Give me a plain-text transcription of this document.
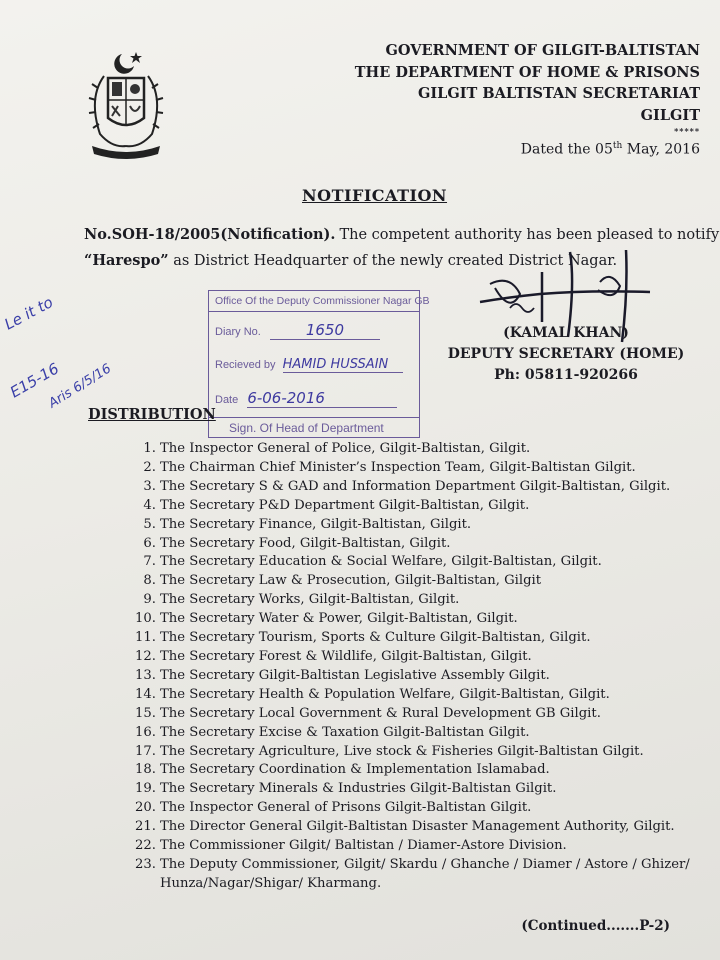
GOVERNMENT OF GILGIT-BALTISTAN
THE DEPARTMENT OF HOME & PRISONS
GILGIT BALTISTAN SECRETARIAT
GILGIT
*****
Dated the 05th May, 2016
NOTIFICATION
No.SOH-18/2005(Notification). The competent authority has been pleased to notify
“Harespo” as District Headquarter of the newly created District Nagar.
(KAMAL KHAN)
DEPUTY SECRETARY (HOME)
Ph: 05811-920266
Office Of the Deputy Commissioner Nagar GB
Diary No.	1650
Recieved by HAMID HUSSAIN
Date 6-06-2016
Sign. Of Head of Department
Le it to
E15-16
Aris 6/5/16
DISTRIBUTION
1. The Inspector General of Police, Gilgit-Baltistan, Gilgit.
2. The Chairman Chief Minister’s Inspection Team, Gilgit-Baltistan Gilgit.
3. The Secretary S & GAD and Information Department Gilgit-Baltistan, Gilgit.
4. The Secretary P&D Department Gilgit-Baltistan, Gilgit.
5. The Secretary Finance, Gilgit-Baltistan, Gilgit.
6. The Secretary Food, Gilgit-Baltistan, Gilgit.
7. The Secretary Education & Social Welfare, Gilgit-Baltistan, Gilgit.
8. The Secretary Law & Prosecution, Gilgit-Baltistan, Gilgit
9. The Secretary Works, Gilgit-Baltistan, Gilgit.
10. The Secretary Water & Power, Gilgit-Baltistan, Gilgit.
11. The Secretary Tourism, Sports & Culture Gilgit-Baltistan, Gilgit.
12. The Secretary Forest & Wildlife, Gilgit-Baltistan, Gilgit.
13. The Secretary Gilgit-Baltistan Legislative Assembly Gilgit.
14. The Secretary Health & Population Welfare, Gilgit-Baltistan, Gilgit.
15. The Secretary Local Government & Rural Development GB Gilgit.
16. The Secretary Excise & Taxation Gilgit-Baltistan Gilgit.
17. The Secretary Agriculture, Live stock & Fisheries Gilgit-Baltistan Gilgit.
18. The Secretary Coordination & Implementation Islamabad.
19. The Secretary Minerals & Industries Gilgit-Baltistan Gilgit.
20. The Inspector General of Prisons Gilgit-Baltistan Gilgit.
21. The Director General Gilgit-Baltistan Disaster Management Authority, Gilgit.
22. The Commissioner Gilgit/ Baltistan / Diamer-Astore Division.
23. The Deputy Commissioner, Gilgit/ Skardu / Ghanche / Diamer / Astore / Ghizer/
Hunza/Nagar/Shigar/ Kharmang.
(Continued.......P-2)
